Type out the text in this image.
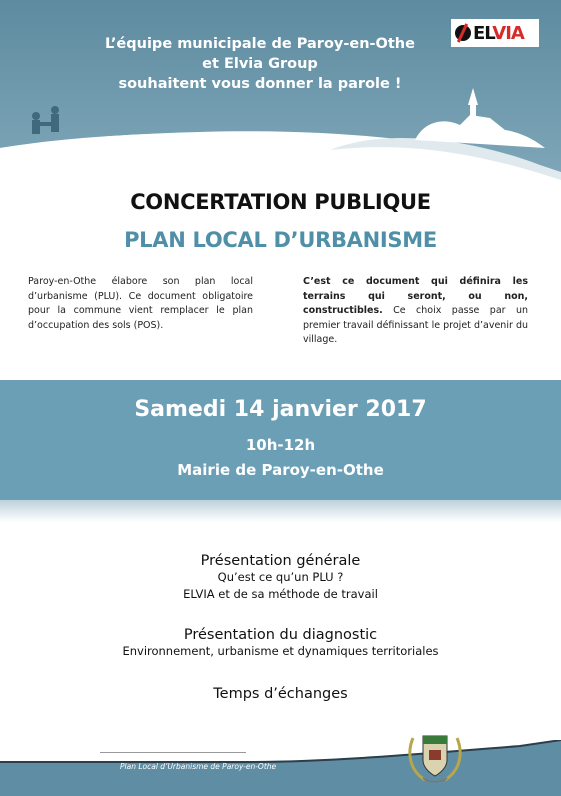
L’équipe municipale de Paroy-en-Othe
et Elvia Group
souhaitent vous donner la parole !
ELVIA
CONCERTATION PUBLIQUE
PLAN LOCAL D’URBANISME
Paroy-en-Othe élabore son plan local d’urbanisme (PLU). Ce document obligatoire pour la commune vient remplacer le plan d’occupation des sols (POS).
C’est ce document qui définira les terrains qui seront, ou non, constructibles. Ce choix passe par un premier travail définissant le projet d’avenir du village.
Samedi 14 janvier 2017
10h-12h
Mairie de Paroy-en-Othe
Présentation générale
Qu’est ce qu’un PLU ?
ELVIA et de sa méthode de travail
Présentation du diagnostic
Environnement, urbanisme et dynamiques territoriales
Temps d’échanges
Plan Local d’Urbanisme de Paroy-en-Othe
